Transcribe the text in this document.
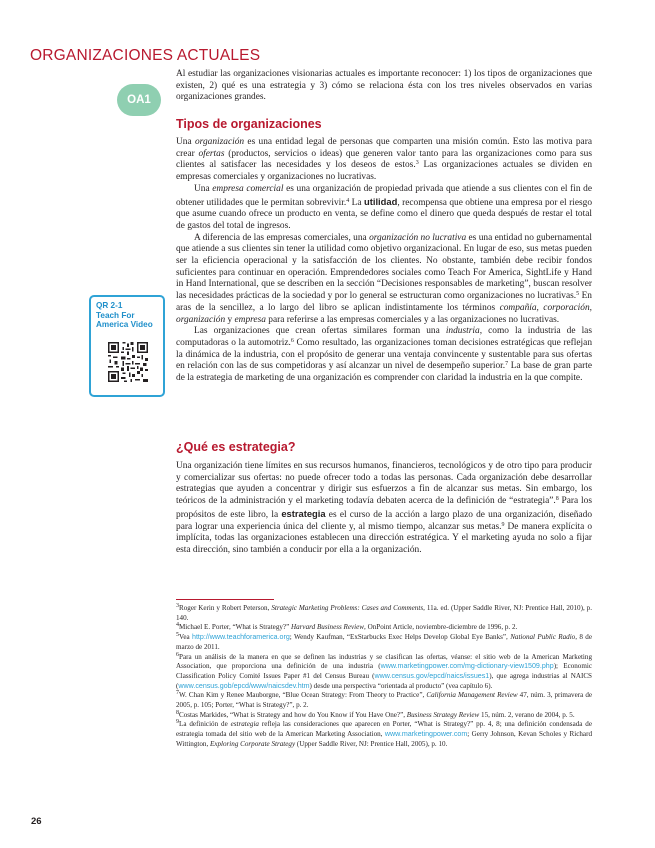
ORGANIZACIONES ACTUALES
OA1

Al estudiar las organizaciones visionarias actuales es importante reconocer: 1) los tipos de organizaciones que existen, 2) qué es una estrategia y 3) cómo se relaciona ésta con los tres niveles observados en varias organizaciones grandes.

Tipos de organizaciones

Una organización es una entidad legal de personas que comparten una misión común. Esto las motiva para crear ofertas (productos, servicios o ideas) que generen valor tanto para las organizaciones como para sus clientes al satisfacer las necesidades y los deseos de estos.$^3$ Las organizaciones actuales se dividen en empresas comerciales y organizaciones no lucrativas.

Una empresa comercial es una organización de propiedad privada que atiende a sus clientes con el fin de obtener utilidades que le permitan sobrevivir.$^4$ La utilidad, recompensa que obtiene una empresa por el riesgo que asume cuando ofrece un producto en venta, se define como el dinero que queda después de restar el total de gastos del total de ingresos.

A diferencia de las empresas comerciales, una organización no lucrativa es una entidad no gubernamental que atiende a sus clientes sin tener la utilidad como objetivo organizacional. En lugar de eso, sus metas pueden ser la eficiencia operacional y la satisfacción de los clientes. No obstante, también debe recibir fondos suficientes para continuar en operación. Emprendedores sociales como Teach For America, SightLife y Hand in Hand International, que se describen en la sección “Decisiones responsables de marketing”, buscan resolver las necesidades prácticas de la sociedad y por lo general se estructuran como organizaciones no lucrativas.$^5$ En aras de la sencillez, a lo largo del libro se aplican indistintamente los términos compañía, corporación, organización y empresa para referirse a las empresas comerciales y a las organizaciones no lucrativas.

Las organizaciones que crean ofertas similares forman una industria, como la industria de las computadoras o la automotriz.$^6$ Como resultado, las organizaciones toman decisiones estratégicas que reflejan la dinámica de la industria, con el propósito de generar una ventaja convincente y sustentable para sus ofertas en relación con las de sus competidoras y así alcanzar un nivel de desempeño superior.$^7$ La base de gran parte de la estrategia de marketing de una organización es comprender con claridad la industria en la que compite.

QR 2-1
Teach For
America Video
¿Qué es estrategia?

Una organización tiene límites en sus recursos humanos, financieros, tecnológicos y de otro tipo para producir y comercializar sus ofertas: no puede ofrecer todo a todas las personas. Cada organización debe desarrollar estrategias que ayuden a concentrar y dirigir sus esfuerzos a fin de alcanzar sus metas. Sin embargo, los teóricos de la administración y el marketing todavía debaten acerca de la definición de “estrategia”.$^8$ Para los propósitos de este libro, la estrategia es el curso de la acción a largo plazo de una organización, diseñado para lograr una experiencia única del cliente y, al mismo tiempo, alcanzar sus metas.$^9$ De manera explícita o implícita, todas las organizaciones establecen una dirección estratégica. Y el marketing ayuda no solo a fijar esta dirección, sino también a conducir por ella a la organización.

$^3$Roger Kerin y Robert Peterson, Strategic Marketing Problems: Cases and Comments, 11a. ed. (Upper Saddle River, NJ: Prentice Hall, 2010), p. 140.

$^4$Michael E. Porter, “What is Strategy?” Harvard Business Review, OnPoint Article, noviembre-diciembre de 1996, p. 2.

$^5$Vea http://www.teachforamerica.org; Wendy Kaufman, “ExStarbucks Exec Helps Develop Global Eye Banks”, National Public Radio, 8 de marzo de 2011.

$^6$Para un análisis de la manera en que se definen las industrias y se clasifican las ofertas, véanse: el sitio web de la American Marketing Association, que proporciona una definición de una industria (www.marketingpower.com/mg-dictionary-view1509.php); Economic Classification Policy Comité Issues Paper #1 del Census Bureau (www.census.gov/epcd/naics/issues1), que agrega industrias al NAICS (www.census.gob/epcd/www/naicsdev.htm) desde una perspectiva “orientada al producto” (vea capítulo 6).

$^7$W. Chan Kim y Renee Mauborgne, “Blue Ocean Strategy: From Theory to Practice”, California Management Review 47, núm. 3, primavera de 2005, p. 105; Porter, “What is Strategy?”, p. 2.

$^8$Costas Markides, “What is Strategy and how do You Know if You Have One?”, Business Strategy Review 15, núm. 2, verano de 2004, p. 5.

$^9$La definición de estrategia refleja las consideraciones que aparecen en Porter, “What is Strategy?” pp. 4, 8; una definición condensada de estrategia tomada del sitio web de la American Marketing Association, www.marketingpower.com; Gerry Johnson, Kevan Scholes y Richard Wittington, Exploring Corporate Strategy (Upper Saddle River, NJ: Prentice Hall, 2005), p. 10.

26
